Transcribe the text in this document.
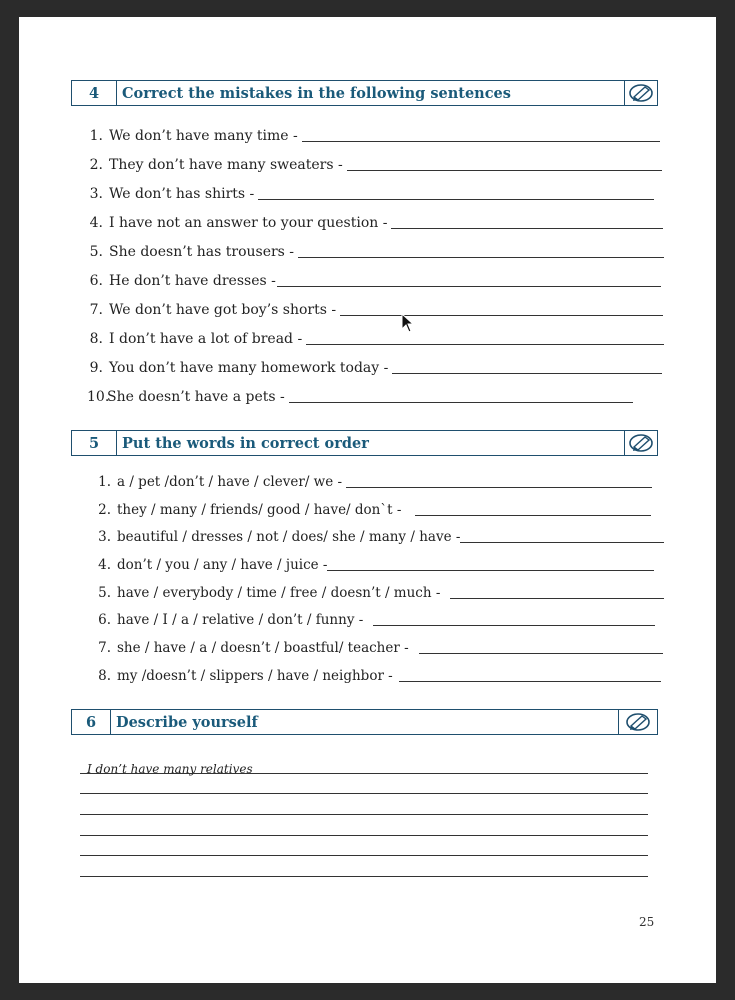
4	Correct the mistakes in the following sentences
1. We don’t have many time -
2. They don’t have many sweaters -
3. We don’t has shirts -
4. I have not an answer to your question -
5. She doesn’t has trousers -
6. He don’t have dresses -
7. We don’t have got boy’s shorts -
8. I don’t have a lot of bread -
9. You don’t have many homework today -
10.
She doesn’t have a pets -
5	Put the words in correct order
1. a / pet /don’t / have / clever/ we -
2. they / many / friends/ good / have/ don`t -
3. beautiful / dresses / not / does/ she / many / have -
4. don’t / you / any / have / juice -
5. have / everybody / time / free / doesn’t / much -
6. have / I / a / relative / don’t / funny -
7. she / have / a / doesn’t / boastful/ teacher -
8. my /doesn’t / slippers / have / neighbor -
6	Describe yourself
I don’t have many relatives
25
